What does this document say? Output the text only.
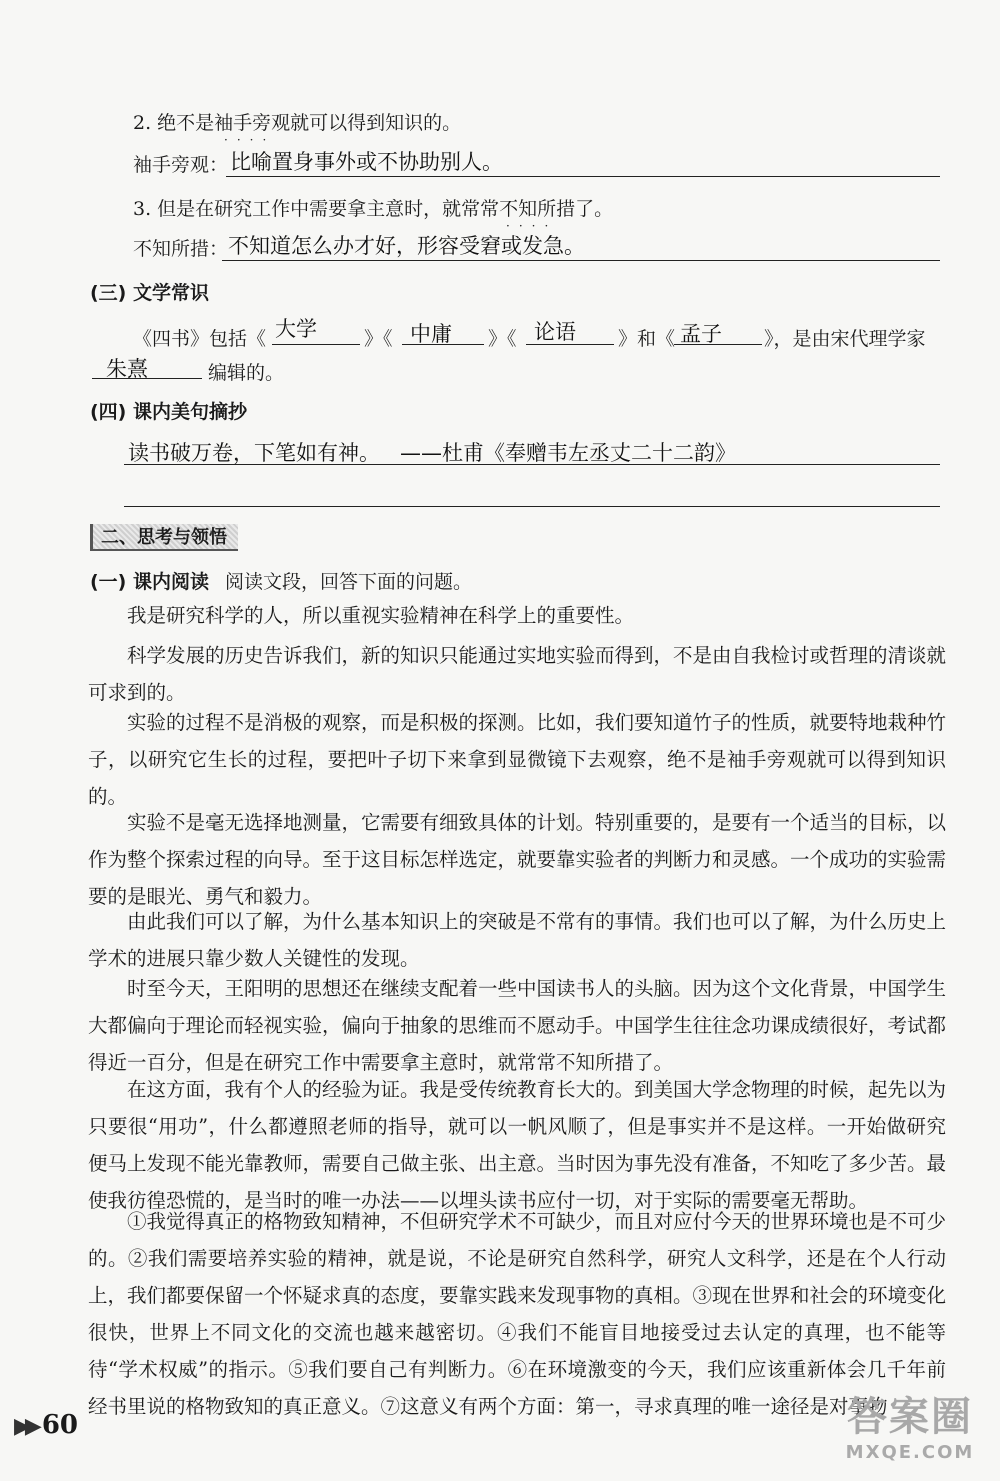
2. 绝不是袖手旁观就可以得到知识的。
····
袖手旁观： 比喻置身事外或不协助别人。
3. 但是在研究工作中需要拿主意时，就常常不知所措了。
····
不知所措： 不知道怎么办才好，形容受窘或发急。
(三) 文学常识
《四书》包括《 大学 》《 中庸 》《 论语 》和《 孟子 》，是由宋代理学家
朱熹	编辑的。
(四) 课内美句摘抄
读书破万卷，下笔如有神。   ——杜甫《奉赠韦左丞丈二十二韵》
二、思考与领悟
(一) 课内阅读 阅读文段，回答下面的问题。

我是研究科学的人，所以重视实验精神在科学上的重要性。

科学发展的历史告诉我们，新的知识只能通过实地实验而得到，不是由自我检讨或哲理的清谈就可求到的。

实验的过程不是消极的观察，而是积极的探测。比如，我们要知道竹子的性质，就要特地栽种竹子，以研究它生长的过程，要把叶子切下来拿到显微镜下去观察，绝不是袖手旁观就可以得到知识的。

实验不是毫无选择地测量，它需要有细致具体的计划。特别重要的，是要有一个适当的目标，以作为整个探索过程的向导。至于这目标怎样选定，就要靠实验者的判断力和灵感。一个成功的实验需要的是眼光、勇气和毅力。

由此我们可以了解，为什么基本知识上的突破是不常有的事情。我们也可以了解，为什么历史上学术的进展只靠少数人关键性的发现。

时至今天，王阳明的思想还在继续支配着一些中国读书人的头脑。因为这个文化背景，中国学生大都偏向于理论而轻视实验，偏向于抽象的思维而不愿动手。中国学生往往念功课成绩很好，考试都得近一百分，但是在研究工作中需要拿主意时，就常常不知所措了。

在这方面，我有个人的经验为证。我是受传统教育长大的。到美国大学念物理的时候，起先以为只要很“用功”，什么都遵照老师的指导，就可以一帆风顺了，但是事实并不是这样。一开始做研究便马上发现不能光靠教师，需要自己做主张、出主意。当时因为事先没有准备，不知吃了多少苦。最使我彷徨恐慌的，是当时的唯一办法——以埋头读书应付一切，对于实际的需要毫无帮助。

①我觉得真正的格物致知精神，不但研究学术不可缺少，而且对应付今天的世界环境也是不可少的。②我们需要培养实验的精神，就是说，不论是研究自然科学，研究人文科学，还是在个人行动上，我们都要保留一个怀疑求真的态度，要靠实践来发现事物的真相。③现在世界和社会的环境变化很快，世界上不同文化的交流也越来越密切。④我们不能盲目地接受过去认定的真理，也不能等待“学术权威”的指示。⑤我们要自己有判断力。⑥在环境激变的今天，我们应该重新体会几千年前经书里说的格物致知的真正意义。⑦这意义有两个方面：第一，寻求真理的唯一途径是对事物

▶▶ 60	答案圈
MXQE.COM
